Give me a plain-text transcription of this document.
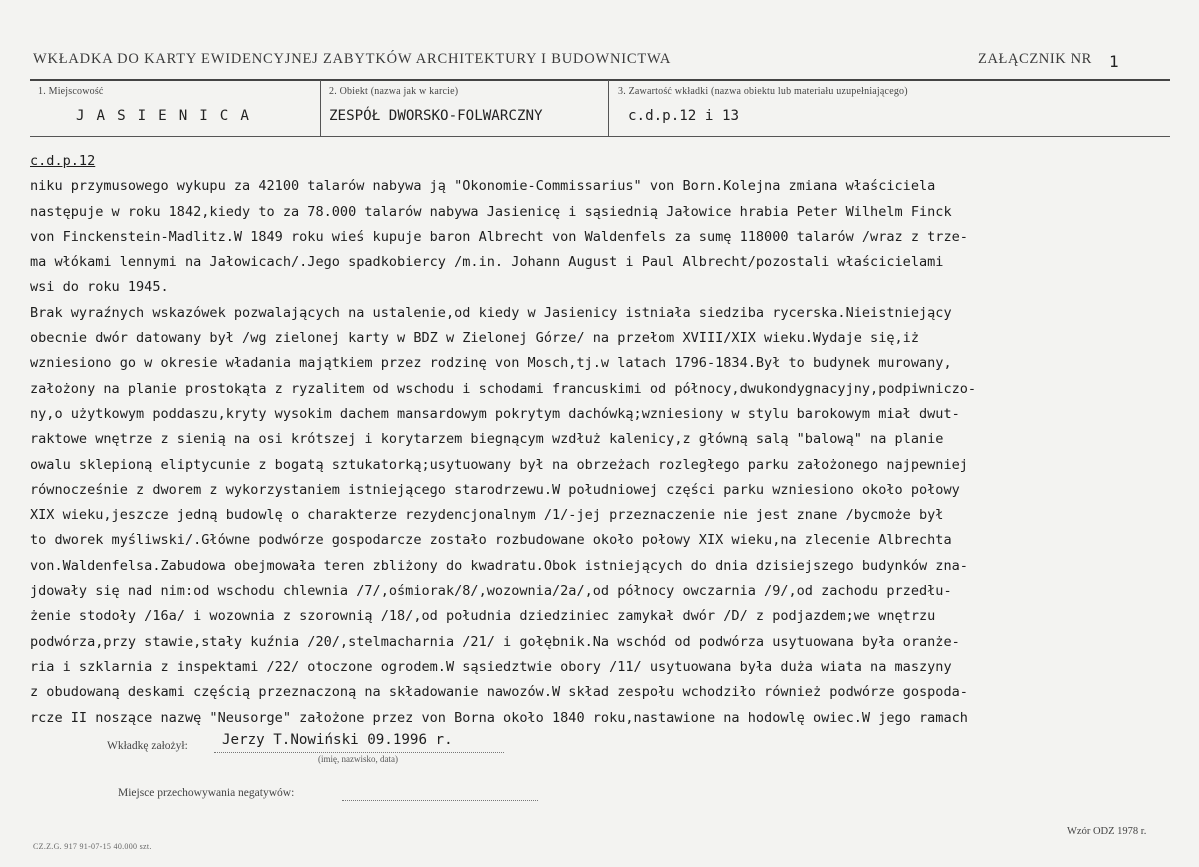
WKŁADKA DO KARTY EWIDENCYJNEJ ZABYTKÓW ARCHITEKTURY I BUDOWNICTWA	ZAŁĄCZNIK NR 1
1. Miejscowość
JASIENICA
2. Obiekt (nazwa jak w karcie)
ZESPÓŁ DWORSKO-FOLWARCZNY
3. Zawartość wkładki (nazwa obiektu lub materiału uzupełniającego)
c.d.p.12 i 13
c.d.p.12
niku przymusowego wykupu za 42100 talarów nabywa ją "Okonomie-Commissarius" von Born.Kolejna zmiana właściciela
następuje w roku 1842,kiedy to za 78.000 talarów nabywa Jasienicę i sąsiednią Jałowice hrabia Peter Wilhelm Finck
von Finckenstein-Madlitz.W 1849 roku wieś kupuje baron Albrecht von Waldenfels za sumę 118000 talarów /wraz z trze-
ma włókami lennymi na Jałowicach/.Jego spadkobiercy /m.in. Johann August i Paul Albrecht/pozostali właścicielami
wsi do roku 1945.
Brak wyraźnych wskazówek pozwalających na ustalenie,od kiedy w Jasienicy istniała siedziba rycerska.Nieistniejący
obecnie dwór datowany był /wg zielonej karty w BDZ w Zielonej Górze/ na przełom XVIII/XIX wieku.Wydaje się,iż
wzniesiono go w okresie władania majątkiem przez rodzinę von Mosch,tj.w latach 1796-1834.Był to budynek murowany,
założony na planie prostokąta z ryzalitem od wschodu i schodami francuskimi od północy,dwukondygnacyjny,podpiwniczo-
ny,o użytkowym poddaszu,kryty wysokim dachem mansardowym pokrytym dachówką;wzniesiony w stylu barokowym miał dwut-
raktowe wnętrze z sienią na osi krótszej i korytarzem biegnącym wzdłuż kalenicy,z główną salą "balową" na planie
owalu sklepioną eliptycunie z bogatą sztukatorką;usytuowany był na obrzeżach rozległego parku założonego najpewniej
równocześnie z dworem z wykorzystaniem istniejącego starodrzewu.W południowej części parku wzniesiono około połowy
XIX wieku,jeszcze jedną budowlę o charakterze rezydencjonalnym /1/-jej przeznaczenie nie jest znane /bycmoże był
to dworek myśliwski/.Główne podwórze gospodarcze zostało rozbudowane około połowy XIX wieku,na zlecenie Albrechta
von.Waldenfelsa.Zabudowa obejmowała teren zbliżony do kwadratu.Obok istniejących do dnia dzisiejszego budynków zna-
jdowały się nad nim:od wschodu chlewnia /7/,ośmiorak/8/,wozownia/2a/,od północy owczarnia /9/,od zachodu przedłu-
żenie stodoły /16a/ i wozownia z szorownią /18/,od południa dziedziniec zamykał dwór /D/ z podjazdem;we wnętrzu
podwórza,przy stawie,stały kuźnia /20/,stelmacharnia /21/ i gołębnik.Na wschód od podwórza usytuowana była oranże-
ria i szklarnia z inspektami /22/ otoczone ogrodem.W sąsiedztwie obory /11/ usytuowana była duża wiata na maszyny
z obudowaną deskami częścią przeznaczoną na składowanie nawozów.W skład zespołu wchodziło również podwórze gospoda-
rcze II noszące nazwę "Neusorge" założone przez von Borna około 1840 roku,nastawione na hodowlę owiec.W jego ramach
Wkładkę założył: Jerzy T.Nowiński 09.1996 r.
(imię, nazwisko, data)
Miejsce przechowywania negatywów:
Wzór ODZ 1978 r.
CZ.Z.G. 917 91-07-15 40.000 szt.
